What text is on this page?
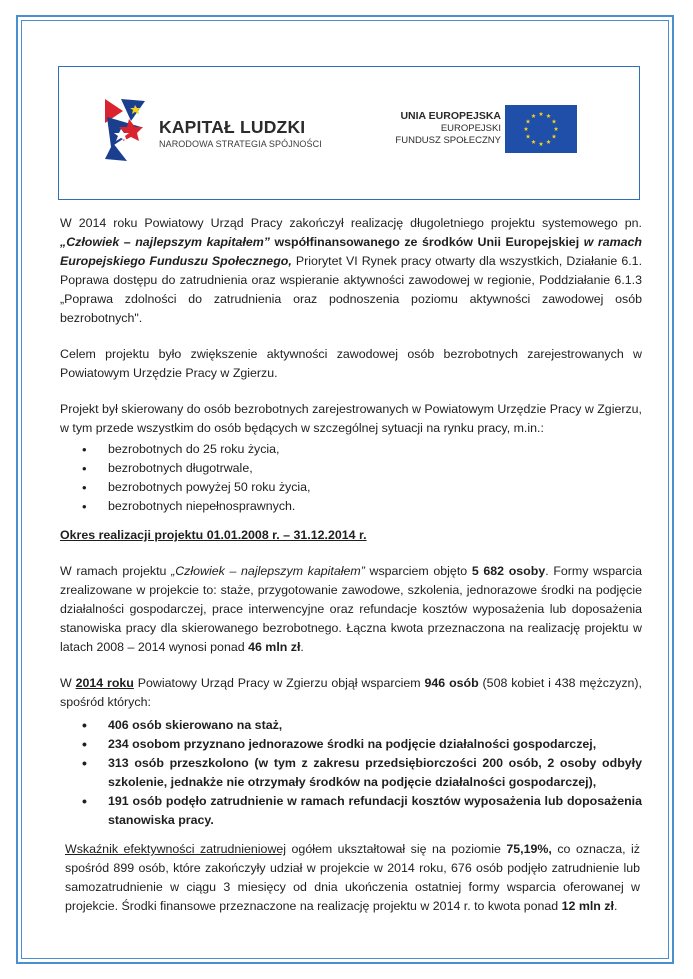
KAPITAŁ LUDZKI
NARODOWA STRATEGIA SPÓJNOŚCI
UNIA EUROPEJSKA
EUROPEJSKI
FUNDUSZ SPOŁECZNY

W 2014 roku Powiatowy Urząd Pracy zakończył realizację długoletniego projektu systemowego pn. „Człowiek – najlepszym kapitałem” współfinansowanego ze środków Unii Europejskiej w ramach Europejskiego Funduszu Społecznego, Priorytet VI Rynek pracy otwarty dla wszystkich, Działanie 6.1. Poprawa dostępu do zatrudnienia oraz wspieranie aktywności zawodowej w regionie, Poddziałanie 6.1.3 „Poprawa zdolności do zatrudnienia oraz podnoszenia poziomu aktywności zawodowej osób bezrobotnych".

Celem projektu było zwiększenie aktywności zawodowej osób bezrobotnych zarejestrowanych w Powiatowym Urzędzie Pracy w Zgierzu.

Projekt był skierowany do osób bezrobotnych zarejestrowanych w Powiatowym Urzędzie Pracy w Zgierzu, w tym przede wszystkim do osób będących w szczególnej sytuacji na rynku pracy, m.in.:

• bezrobotnych do 25 roku życia,
• bezrobotnych długotrwale,
• bezrobotnych powyżej 50 roku życia,
• bezrobotnych niepełnosprawnych.

Okres realizacji projektu 01.01.2008 r. – 31.12.2014 r.

W ramach projektu „Człowiek – najlepszym kapitałem” wsparciem objęto 5 682 osoby. Formy wsparcia zrealizowane w projekcie to: staże, przygotowanie zawodowe, szkolenia, jednorazowe środki na podjęcie działalności gospodarczej, prace interwencyjne oraz refundacje kosztów wyposażenia lub doposażenia stanowiska pracy dla skierowanego bezrobotnego. Łączna kwota przeznaczona na realizację projektu w latach 2008 – 2014 wynosi ponad 46 mln zł.

W 2014 roku Powiatowy Urząd Pracy w Zgierzu objął wsparciem 946 osób (508 kobiet i 438 mężczyzn), spośród których:

• 406 osób skierowano na staż,
• 234 osobom przyznano jednorazowe środki na podjęcie działalności gospodarczej,
• 313 osób przeszkolono (w tym z zakresu przedsiębiorczości 200 osób, 2 osoby odbyły szkolenie, jednakże nie otrzymały środków na podjęcie działalności gospodarczej),
• 191 osób podęło zatrudnienie w ramach refundacji kosztów wyposażenia lub doposażenia stanowiska pracy.

Wskaźnik efektywności zatrudnieniowej ogółem ukształtował się na poziomie 75,19%, co oznacza, iż spośród 899 osób, które zakończyły udział w projekcie w 2014 roku, 676 osób podjęło zatrudnienie lub samozatrudnienie w ciągu 3 miesięcy od dnia ukończenia ostatniej formy wsparcia oferowanej w projekcie. Środki finansowe przeznaczone na realizację projektu w 2014 r. to kwota ponad 12 mln zł.
